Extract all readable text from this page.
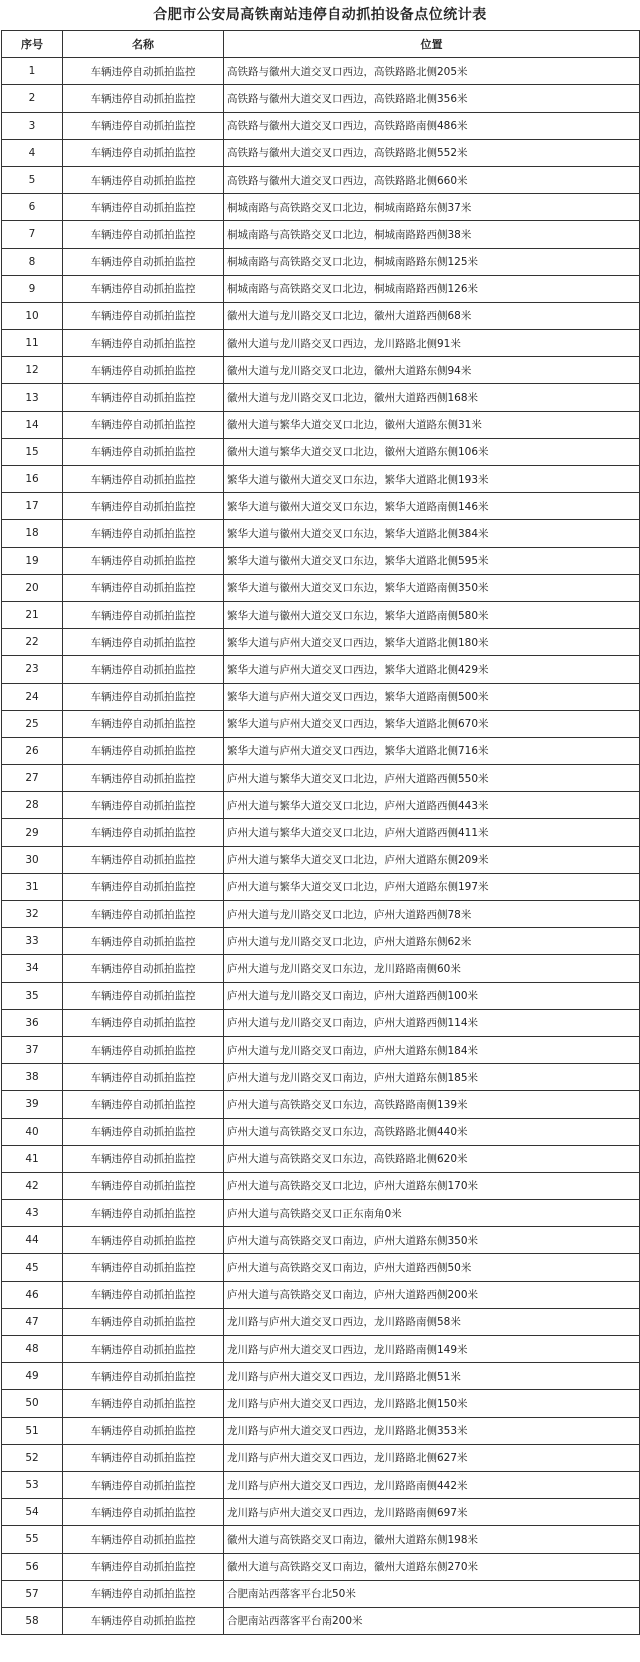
合肥市公安局高铁南站违停自动抓拍设备点位统计表
序号	名称	位置
1	车辆违停自动抓拍监控	高铁路与徽州大道交叉口西边，高铁路路北侧205米
2	车辆违停自动抓拍监控	高铁路与徽州大道交叉口西边，高铁路路北侧356米
3	车辆违停自动抓拍监控	高铁路与徽州大道交叉口西边，高铁路路南侧486米
4	车辆违停自动抓拍监控	高铁路与徽州大道交叉口西边，高铁路路北侧552米
5	车辆违停自动抓拍监控	高铁路与徽州大道交叉口西边，高铁路路北侧660米
6	车辆违停自动抓拍监控	桐城南路与高铁路交叉口北边，桐城南路路东侧37米
7	车辆违停自动抓拍监控	桐城南路与高铁路交叉口北边，桐城南路路西侧38米
8	车辆违停自动抓拍监控	桐城南路与高铁路交叉口北边，桐城南路路东侧125米
9	车辆违停自动抓拍监控	桐城南路与高铁路交叉口北边，桐城南路路西侧126米
10	车辆违停自动抓拍监控	徽州大道与龙川路交叉口北边，徽州大道路西侧68米
11	车辆违停自动抓拍监控	徽州大道与龙川路交叉口西边，龙川路路北侧91米
12	车辆违停自动抓拍监控	徽州大道与龙川路交叉口北边，徽州大道路东侧94米
13	车辆违停自动抓拍监控	徽州大道与龙川路交叉口北边，徽州大道路西侧168米
14	车辆违停自动抓拍监控	徽州大道与繁华大道交叉口北边，徽州大道路东侧31米
15	车辆违停自动抓拍监控	徽州大道与繁华大道交叉口北边，徽州大道路东侧106米
16	车辆违停自动抓拍监控	繁华大道与徽州大道交叉口东边，繁华大道路北侧193米
17	车辆违停自动抓拍监控	繁华大道与徽州大道交叉口东边，繁华大道路南侧146米
18	车辆违停自动抓拍监控	繁华大道与徽州大道交叉口东边，繁华大道路北侧384米
19	车辆违停自动抓拍监控	繁华大道与徽州大道交叉口东边，繁华大道路北侧595米
20	车辆违停自动抓拍监控	繁华大道与徽州大道交叉口东边，繁华大道路南侧350米
21	车辆违停自动抓拍监控	繁华大道与徽州大道交叉口东边，繁华大道路南侧580米
22	车辆违停自动抓拍监控	繁华大道与庐州大道交叉口西边，繁华大道路北侧180米
23	车辆违停自动抓拍监控	繁华大道与庐州大道交叉口西边，繁华大道路北侧429米
24	车辆违停自动抓拍监控	繁华大道与庐州大道交叉口西边，繁华大道路南侧500米
25	车辆违停自动抓拍监控	繁华大道与庐州大道交叉口西边，繁华大道路北侧670米
26	车辆违停自动抓拍监控	繁华大道与庐州大道交叉口西边，繁华大道路北侧716米
27	车辆违停自动抓拍监控	庐州大道与繁华大道交叉口北边，庐州大道路西侧550米
28	车辆违停自动抓拍监控	庐州大道与繁华大道交叉口北边，庐州大道路西侧443米
29	车辆违停自动抓拍监控	庐州大道与繁华大道交叉口北边，庐州大道路西侧411米
30	车辆违停自动抓拍监控	庐州大道与繁华大道交叉口北边，庐州大道路东侧209米
31	车辆违停自动抓拍监控	庐州大道与繁华大道交叉口北边，庐州大道路东侧197米
32	车辆违停自动抓拍监控	庐州大道与龙川路交叉口北边，庐州大道路西侧78米
33	车辆违停自动抓拍监控	庐州大道与龙川路交叉口北边，庐州大道路东侧62米
34	车辆违停自动抓拍监控	庐州大道与龙川路交叉口东边，龙川路路南侧60米
35	车辆违停自动抓拍监控	庐州大道与龙川路交叉口南边，庐州大道路西侧100米
36	车辆违停自动抓拍监控	庐州大道与龙川路交叉口南边，庐州大道路西侧114米
37	车辆违停自动抓拍监控	庐州大道与龙川路交叉口南边，庐州大道路东侧184米
38	车辆违停自动抓拍监控	庐州大道与龙川路交叉口南边，庐州大道路东侧185米
39	车辆违停自动抓拍监控	庐州大道与高铁路交叉口东边，高铁路路南侧139米
40	车辆违停自动抓拍监控	庐州大道与高铁路交叉口东边，高铁路路北侧440米
41	车辆违停自动抓拍监控	庐州大道与高铁路交叉口东边，高铁路路北侧620米
42	车辆违停自动抓拍监控	庐州大道与高铁路交叉口北边，庐州大道路东侧170米
43	车辆违停自动抓拍监控	庐州大道与高铁路交叉口正东南角0米
44	车辆违停自动抓拍监控	庐州大道与高铁路交叉口南边，庐州大道路东侧350米
45	车辆违停自动抓拍监控	庐州大道与高铁路交叉口南边，庐州大道路西侧50米
46	车辆违停自动抓拍监控	庐州大道与高铁路交叉口南边，庐州大道路西侧200米
47	车辆违停自动抓拍监控	龙川路与庐州大道交叉口西边，龙川路路南侧58米
48	车辆违停自动抓拍监控	龙川路与庐州大道交叉口西边，龙川路路南侧149米
49	车辆违停自动抓拍监控	龙川路与庐州大道交叉口西边，龙川路路北侧51米
50	车辆违停自动抓拍监控	龙川路与庐州大道交叉口西边，龙川路路北侧150米
51	车辆违停自动抓拍监控	龙川路与庐州大道交叉口西边，龙川路路北侧353米
52	车辆违停自动抓拍监控	龙川路与庐州大道交叉口西边，龙川路路北侧627米
53	车辆违停自动抓拍监控	龙川路与庐州大道交叉口西边，龙川路路南侧442米
54	车辆违停自动抓拍监控	龙川路与庐州大道交叉口西边，龙川路路南侧697米
55	车辆违停自动抓拍监控	徽州大道与高铁路交叉口南边，徽州大道路东侧198米
56	车辆违停自动抓拍监控	徽州大道与高铁路交叉口南边，徽州大道路东侧270米
57	车辆违停自动抓拍监控	合肥南站西落客平台北50米
58	车辆违停自动抓拍监控	合肥南站西落客平台南200米
